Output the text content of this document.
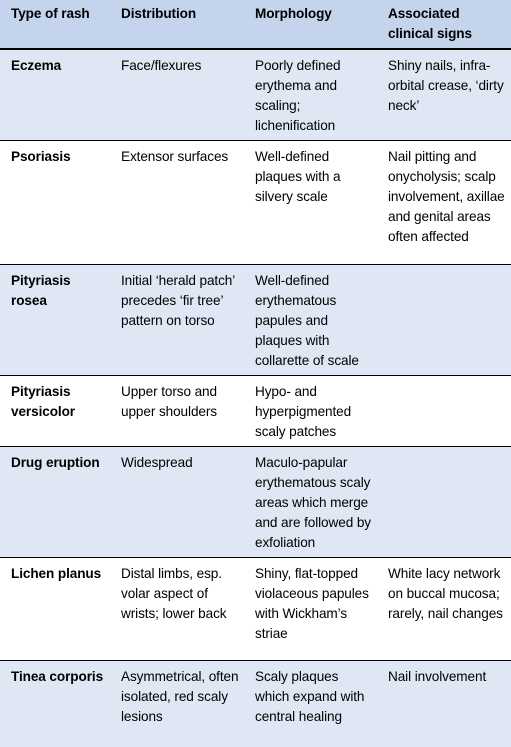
Type of rash	Distribution	Morphology	Associated clinical signs
Eczema	Face/flexures	Poorly defined erythema and scaling; lichenification	Shiny nails, infra-orbital crease, ‘dirty neck’
Psoriasis	Extensor surfaces	Well-defined plaques with a silvery scale	Nail pitting and onycholysis; scalp involvement, axillae and genital areas often affected
Pityriasis rosea	Initial ‘herald patch’ precedes ‘fir tree’ pattern on torso	Well-defined erythematous papules and plaques with collarette of scale	
Pityriasis versicolor	Upper torso and upper shoulders	Hypo- and hyperpigmented scaly patches	
Drug eruption	Widespread	Maculo-papular erythematous scaly areas which merge and are followed by exfoliation	
Lichen planus	Distal limbs, esp. volar aspect of wrists; lower back	Shiny, flat-topped violaceous papules with Wickham’s striae	White lacy network on buccal mucosa; rarely, nail changes
Tinea corporis	Asymmetrical, often isolated, red scaly lesions	Scaly plaques which expand with central healing	Nail involvement
